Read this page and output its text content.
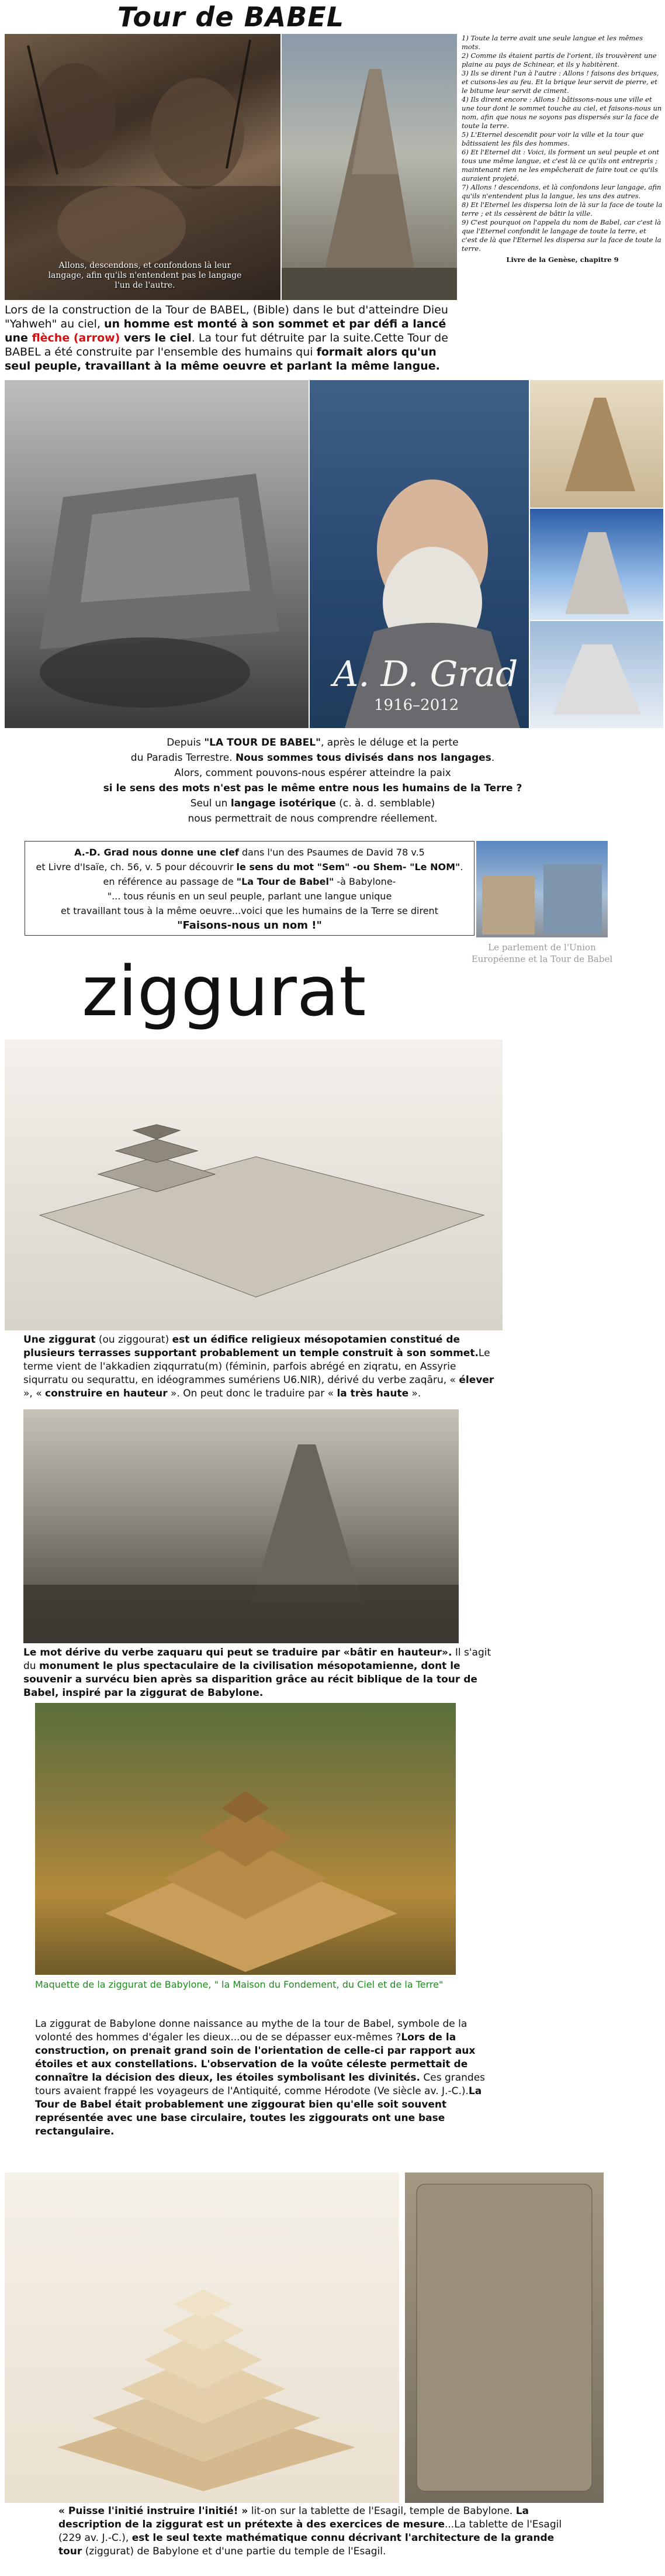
Tour de BABEL
Allons, descendons, et confondons là leur langage, afin qu'ils n'entendent pas le langage l'un de l'autre.
1) Toute la terre avait une seule langue et les mêmes mots.
2) Comme ils étaient partis de l'orient, ils trouvèrent une plaine au pays de Schinear, et ils y habitèrent.
3) Ils se dirent l'un à l'autre : Allons ! faisons des briques, et cuisons-les au feu. Et la brique leur servit de pierre, et le bitume leur servit de ciment.
4) Ils dirent encore : Allons ! bâtissons-nous une ville et une tour dont le sommet touche au ciel, et faisons-nous un nom, afin que nous ne soyons pas dispersés sur la face de toute la terre.
5) L'Eternel descendit pour voir la ville et la tour que bâtissaient les fils des hommes.
6) Et l'Eternel dit : Voici, ils forment un seul peuple et ont tous une même langue, et c'est là ce qu'ils ont entrepris ; maintenant rien ne les empêcherait de faire tout ce qu'ils auraient projeté.
7) Allons ! descendons, et là confondons leur langage, afin qu'ils n'entendent plus la langue, les uns des autres.
8) Et l'Eternel les dispersa loin de là sur la face de toute la terre ; et ils cessèrent de bâtir la ville.
9) C'est pourquoi on l'appela du nom de Babel, car c'est là que l'Eternel confondit le langage de toute la terre, et c'est de là que l'Eternel les dispersa sur la face de toute la terre.
Livre de la Genèse, chapitre 9
Lors de la construction de la Tour de BABEL, (Bible) dans le but d'atteindre Dieu "Yahweh" au ciel, un homme est monté à son sommet et par défi a lancé une flèche (arrow) vers le ciel. La tour fut détruite par la suite.Cette Tour de BABEL a été construite par l'ensemble des humains qui formait alors qu'un seul peuple, travaillant à la même oeuvre et parlant la même langue.
A. D. Grad
1916–2012
Depuis "LA TOUR DE BABEL", après le déluge et la perte
du Paradis Terrestre. Nous sommes tous divisés dans nos langages.
Alors, comment pouvons-nous espérer atteindre la paix
si le sens des mots n'est pas le même entre nous les humains de la Terre ?
Seul un langage isotérique (c. à. d. semblable)
nous permettrait de nous comprendre réellement.
A.-D. Grad nous donne une clef dans l'un des Psaumes de David 78 v.5
et Livre d'Isaïe, ch. 56, v. 5 pour découvrir le sens du mot "Sem" -ou Shem- "Le NOM".
en référence au passage de "La Tour de Babel" -à Babylone-
"... tous réunis en un seul peuple, parlant une langue unique
et travaillant tous à la même oeuvre...voici que les humains de la Terre se dirent
"Faisons-nous un nom !"
Le parlement de l'Union Européenne et la Tour de Babel
ziggurat
Une ziggurat (ou ziggourat) est un édifice religieux mésopotamien constitué de plusieurs terrasses supportant probablement un temple construit à son sommet.Le terme vient de l'akkadien ziqqurratu(m) (féminin, parfois abrégé en ziqratu, en Assyrie siqurratu ou sequrattu, en idéogrammes sumériens U6.NIR), dérivé du verbe zaqāru, « élever », « construire en hauteur ». On peut donc le traduire par « la très haute ».
Le mot dérive du verbe zaquaru qui peut se traduire par «bâtir en hauteur». Il s'agit du monument le plus spectaculaire de la civilisation mésopotamienne, dont le souvenir a survécu bien après sa disparition grâce au récit biblique de la tour de Babel, inspiré par la ziggurat de Babylone.
Maquette de la ziggurat de Babylone, " la Maison du Fondement, du Ciel et de la Terre"
La ziggurat de Babylone donne naissance au mythe de la tour de Babel, symbole de la volonté des hommes d'égaler les dieux...ou de se dépasser eux-mêmes ?Lors de la construction, on prenait grand soin de l'orientation de celle-ci par rapport aux étoiles et aux constellations. L'observation de la voûte céleste permettait de connaître la décision des dieux, les étoiles symbolisant les divinités. Ces grandes tours avaient frappé les voyageurs de l'Antiquité, comme Hérodote (Ve siècle av. J.-C.).La Tour de Babel était probablement une ziggourat bien qu'elle soit souvent représentée avec une base circulaire, toutes les ziggourats ont une base rectangulaire.
« Puisse l'initié instruire l'initié! » lit-on sur la tablette de l'Esagil, temple de Babylone. La description de la ziggurat est un prétexte à des exercices de mesure...La tablette de l'Esagil (229 av. J.-C.), est le seul texte mathématique connu décrivant l'architecture de la grande tour (ziggurat) de Babylone et d'une partie du temple de l'Esagil.
